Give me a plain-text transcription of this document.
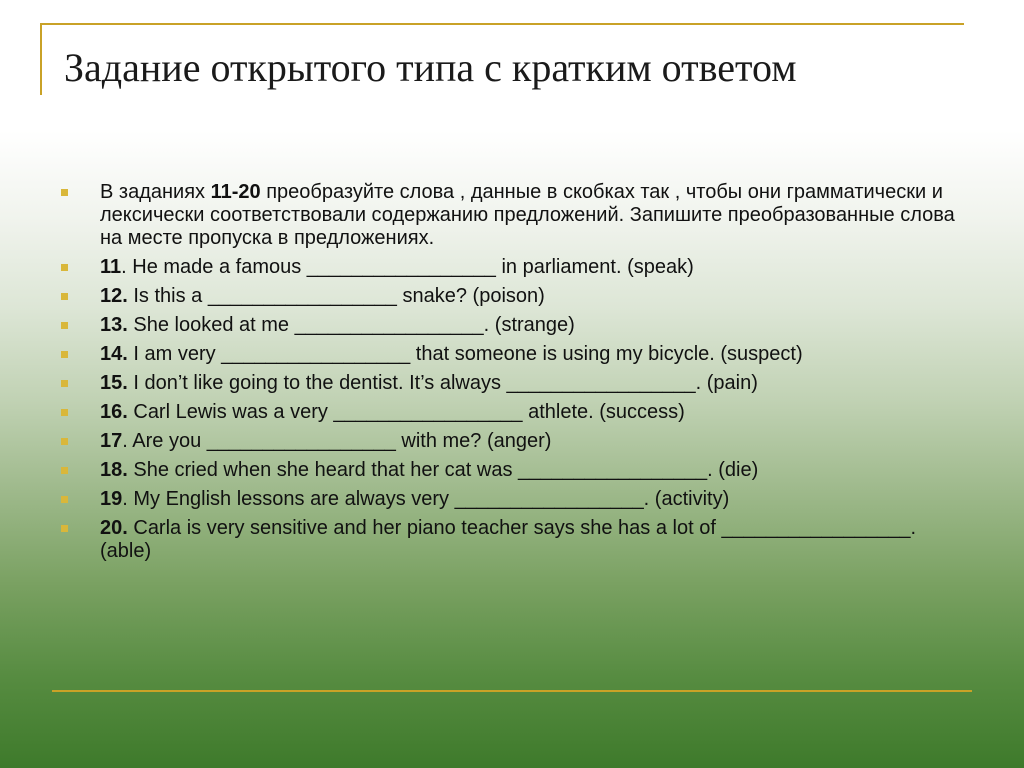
Задание открытого типа с кратким ответом
В заданиях 11-20 преобразуйте слова , данные в скобках так , чтобы они грамматически и лексически соответствовали содержанию предложений. Запишите преобразованные слова на месте пропуска в предложениях.
11. He made a famous _________________ in parliament. (speak)
12. Is this a _________________ snake? (poison)
13. She looked at me _________________. (strange)
14. I am very _________________ that someone is using my bicycle. (suspect)
15. I don’t like going to the dentist. It’s always _________________. (pain)
16. Carl Lewis was a very _________________ athlete. (success)
17. Are you _________________ with me? (anger)
18. She cried when she heard that her cat was _________________. (die)
19. My English lessons are always very _________________. (activity)
20. Carla is very sensitive and her piano teacher says she has a lot of _________________. (able)
